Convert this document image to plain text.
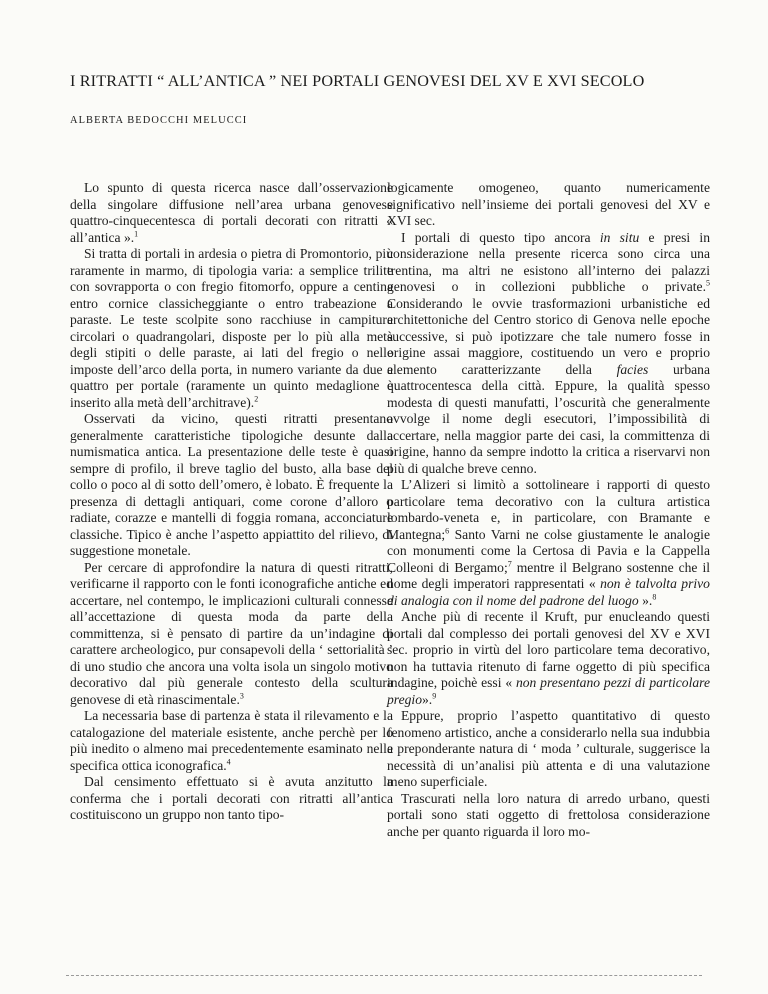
I RITRATTI “ ALL’ANTICA ” NEI PORTALI GENOVESI DEL XV E XVI SECOLO
ALBERTA BEDOCCHI MELUCCI

Lo spunto di questa ricerca nasce dall’osservazione della singolare diffusione nell’area urbana genovese quattro-cinquecentesca di portali decorati con ritratti « all’antica ».$^1$

Si tratta di portali in ardesia o pietra di Promontorio, più raramente in marmo, di tipologia varia: a semplice trilite con sovrapporta o con fregio fitomorfo, oppure a centina entro cornice classicheggiante o entro trabeazione a paraste. Le teste scolpite sono racchiuse in campiture circolari o quadrangolari, disposte per lo più alla metà degli stipiti o delle paraste, ai lati del fregio o nelle imposte dell’arco della porta, in numero variante da due a quattro per portale (raramente un quinto medaglione è inserito alla metà dell’architrave).$^2$

Osservati da vicino, questi ritratti presentano generalmente caratteristiche tipologiche desunte dalla numismatica antica. La presentazione delle teste è quasi sempre di profilo, il breve taglio del busto, alla base del collo o poco al di sotto dell’omero, è lobato. È frequente la presenza di dettagli antiquari, come corone d’alloro o radiate, corazze e mantelli di foggia romana, acconciature classiche. Tipico è anche l’aspetto appiattito del rilievo, di suggestione monetale.

Per cercare di approfondire la natura di questi ritratti, verificarne il rapporto con le fonti iconografiche antiche ed accertare, nel contempo, le implicazioni culturali connesse all’accettazione di questa moda da parte della committenza, si è pensato di partire da un’indagine di carattere archeologico, pur consapevoli della ‘ settorialità ’ di uno studio che ancora una volta isola un singolo motivo decorativo dal più generale contesto della scultura genovese di età rinascimentale.$^3$

La necessaria base di partenza è stata il rilevamento e la catalogazione del materiale esistente, anche perchè per lo più inedito o almeno mai precedentemente esaminato nella specifica ottica iconografica.$^4$

Dal censimento effettuato si è avuta anzitutto la conferma che i portali decorati con ritratti all’antica costituiscono un gruppo non tanto tipo-

logicamente omogeneo, quanto numericamente significativo nell’insieme dei portali genovesi del XV e XVI sec.

I portali di questo tipo ancora in situ e presi in considerazione nella presente ricerca sono circa una trentina, ma altri ne esistono all’interno dei palazzi genovesi o in collezioni pubbliche o private.$^5$ Considerando le ovvie trasformazioni urbanistiche ed architettoniche del Centro storico di Genova nelle epoche successive, si può ipotizzare che tale numero fosse in origine assai maggiore, costituendo un vero e proprio elemento caratterizzante della facies urbana quattrocentesca della città. Eppure, la qualità spesso modesta di questi manufatti, l’oscurità che generalmente avvolge il nome degli esecutori, l’impossibilità di accertare, nella maggior parte dei casi, la committenza di origine, hanno da sempre indotto la critica a riservarvi non più di qualche breve cenno.

L’Alizeri si limitò a sottolineare i rapporti di questo particolare tema decorativo con la cultura artistica lombardo-veneta e, in particolare, con Bramante e Mantegna;$^6$ Santo Varni ne colse giustamente le analogie con monumenti come la Certosa di Pavia e la Cappella Colleoni di Bergamo;$^7$ mentre il Belgrano sostenne che il nome degli imperatori rappresentati « non è talvolta privo di analogia con il nome del padrone del luogo ».$^8$

Anche più di recente il Kruft, pur enucleando questi portali dal complesso dei portali genovesi del XV e XVI sec. proprio in virtù del loro particolare tema decorativo, non ha tuttavia ritenuto di farne oggetto di più specifica indagine, poichè essi « non presentano pezzi di particolare pregio».$^9$

Eppure, proprio l’aspetto quantitativo di questo fenomeno artistico, anche a considerarlo nella sua indubbia e preponderante natura di ‘ moda ’ culturale, suggerisce la necessità di un’analisi più attenta e di una valutazione meno superficiale.

Trascurati nella loro natura di arredo urbano, questi portali sono stati oggetto di frettolosa considerazione anche per quanto riguarda il loro mo-
